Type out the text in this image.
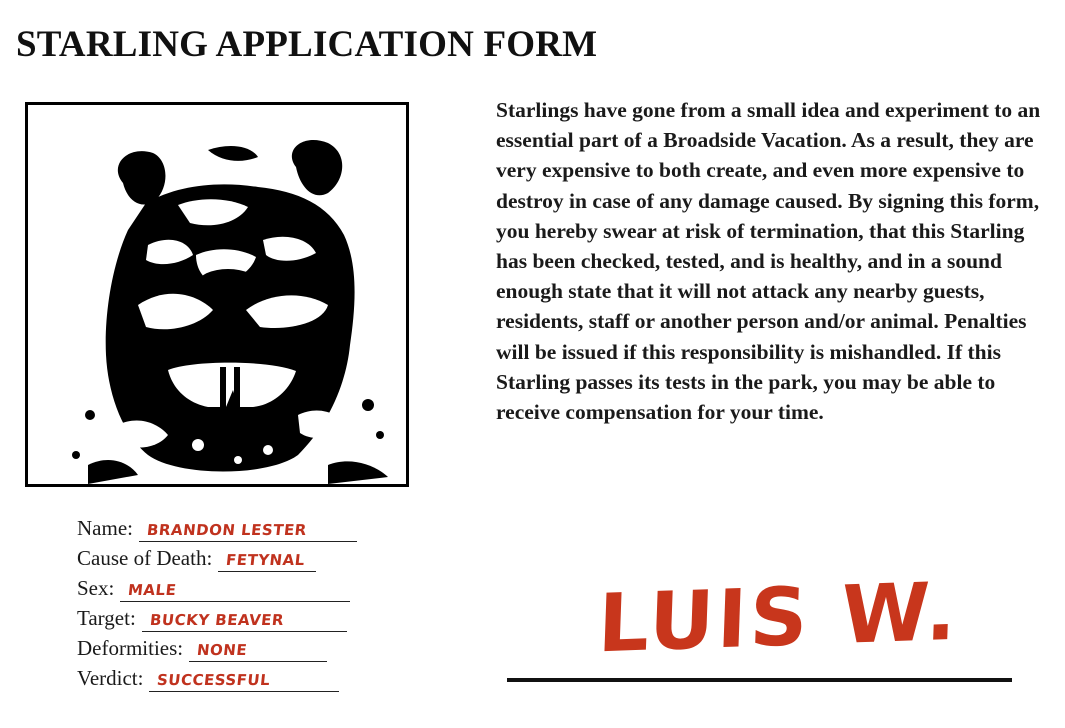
STARLING APPLICATION FORM

Starlings have gone from a small idea and experiment to an essential part of a Broadside Vacation. As a result, they are very expensive to both create, and even more expensive to destroy in case of any damage caused. By signing this form, you hereby swear at risk of termination, that this Starling has been checked, tested, and is healthy, and in a sound enough state that it will not attack any nearby guests, residents, staff or another person and/or animal. Penalties will be issued if this responsibility is mishandled. If this Starling passes its tests in the park, you may be able to receive compensation for your time.

Name: BRANDON LESTER
Cause of Death: FETYNAL
Sex: MALE
Target: BUCKY BEAVER
Deformities: NONE
Verdict: SUCCESSFUL
LUIS W.
